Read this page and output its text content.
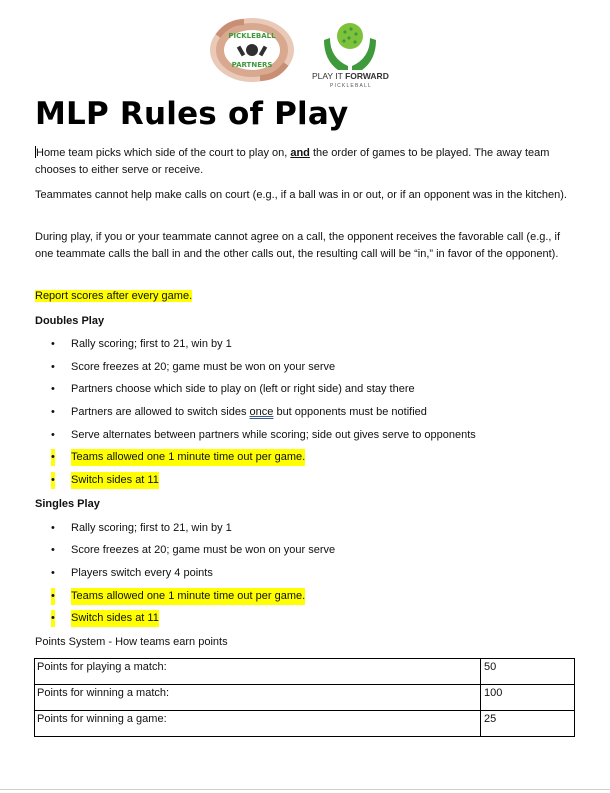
PICKLEBALL
PARTNERS
PLAY IT FORWARD
PICKLEBALL
MLP Rules of Play

Home team picks which side of the court to play on, and the order of games to be played. The away team chooses to either serve or receive.

Teammates cannot help make calls on court (e.g., if a ball was in or out, or if an opponent was in the kitchen).

During play, if you or your teammate cannot agree on a call, the opponent receives the favorable call (e.g., if one teammate calls the ball in and the other calls out, the resulting call will be “in,” in favor of the opponent).

Report scores after every game.

Doubles Play

• Rally scoring; first to 21, win by 1
• Score freezes at 20; game must be won on your serve
• Partners choose which side to play on (left or right side) and stay there
• Partners are allowed to switch sides once but opponents must be notified
• Serve alternates between partners while scoring; side out gives serve to opponents
• Teams allowed one 1 minute time out per game.
• Switch sides at 11

Singles Play

• Rally scoring; first to 21, win by 1
• Score freezes at 20; game must be won on your serve
• Players switch every 4 points
• Teams allowed one 1 minute time out per game.
• Switch sides at 11

Points System - How teams earn points

Points for playing a match:	50
Points for winning a match:	100
Points for winning a game:	25
